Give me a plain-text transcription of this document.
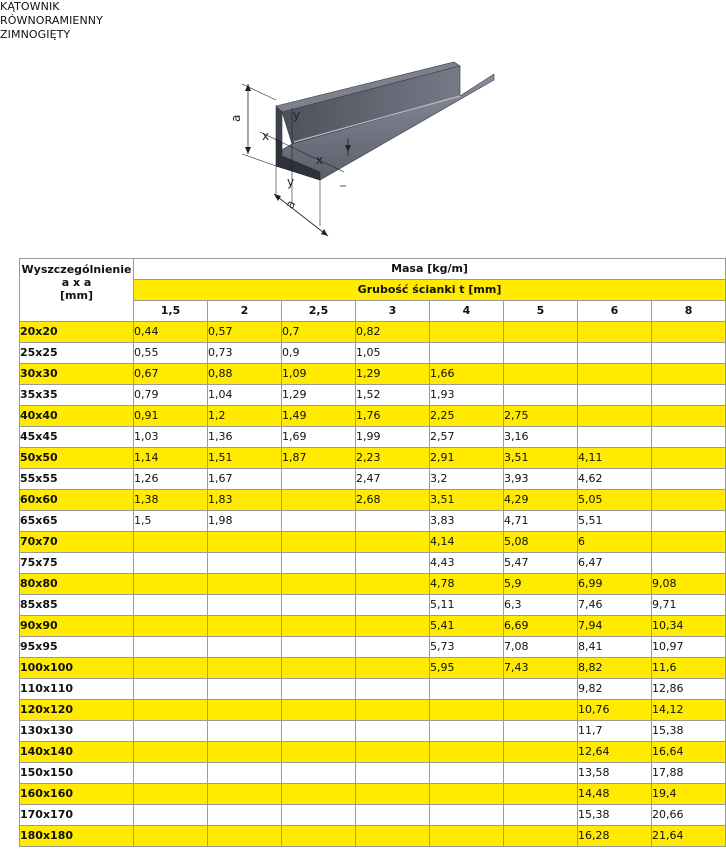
KĄTOWNIK
RÓWNORAMIENNY
ZIMNOGIĘTY
a
a
x
x
y
y
Wyszczególnienie
a x a
[mm]	Masa [kg/m]							
	Grubość ścianki t [mm]							
	1,5	2	2,5	3	4	5	6	8
20x20	0,44	0,57	0,7	0,82				
25x25	0,55	0,73	0,9	1,05				
30x30	0,67	0,88	1,09	1,29	1,66			
35x35	0,79	1,04	1,29	1,52	1,93			
40x40	0,91	1,2	1,49	1,76	2,25	2,75		
45x45	1,03	1,36	1,69	1,99	2,57	3,16		
50x50	1,14	1,51	1,87	2,23	2,91	3,51	4,11	
55x55	1,26	1,67		2,47	3,2	3,93	4,62	
60x60	1,38	1,83		2,68	3,51	4,29	5,05	
65x65	1,5	1,98			3,83	4,71	5,51	
70x70					4,14	5,08	6	
75x75					4,43	5,47	6,47	
80x80					4,78	5,9	6,99	9,08
85x85					5,11	6,3	7,46	9,71
90x90					5,41	6,69	7,94	10,34
95x95					5,73	7,08	8,41	10,97
100x100					5,95	7,43	8,82	11,6
110x110							9,82	12,86
120x120							10,76	14,12
130x130							11,7	15,38
140x140							12,64	16,64
150x150							13,58	17,88
160x160							14,48	19,4
170x170							15,38	20,66
180x180							16,28	21,64
